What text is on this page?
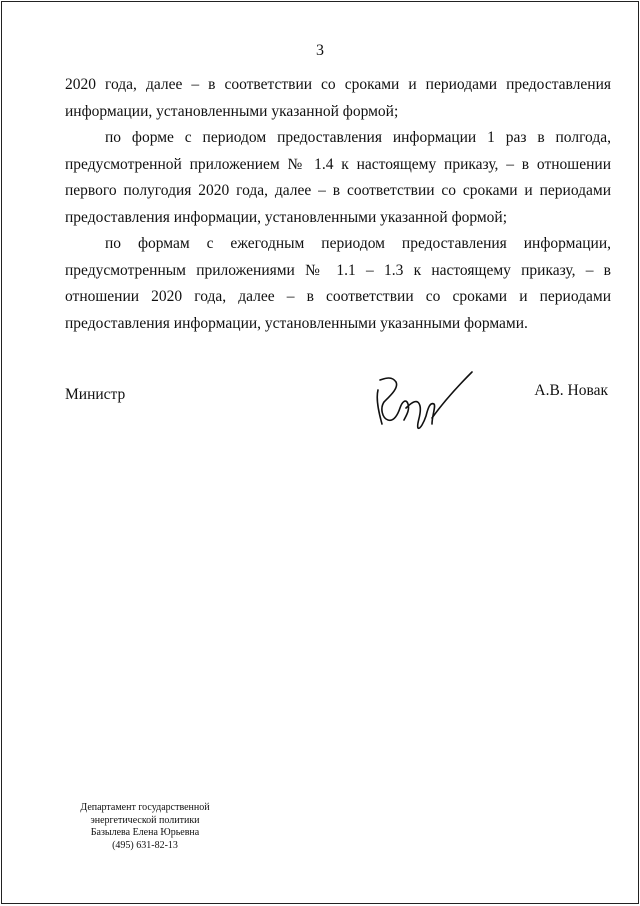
3

2020 года, далее – в соответствии со сроками и периодами предоставления информации, установленными указанной формой;

по форме с периодом предоставления информации 1 раз в полгода, предусмотренной приложением № 1.4 к настоящему приказу, – в отношении первого полугодия 2020 года, далее – в соответствии со сроками и периодами предоставления информации, установленными указанной формой;

по формам с ежегодным периодом предоставления информации, предусмотренным приложениями № 1.1 – 1.3 к настоящему приказу, – в отношении 2020 года, далее – в соответствии со сроками и периодами предоставления информации, установленными указанными формами.

Министр	А.В. Новак
Департамент государственной
энергетической политики
Базылева Елена Юрьевна
(495) 631-82-13
